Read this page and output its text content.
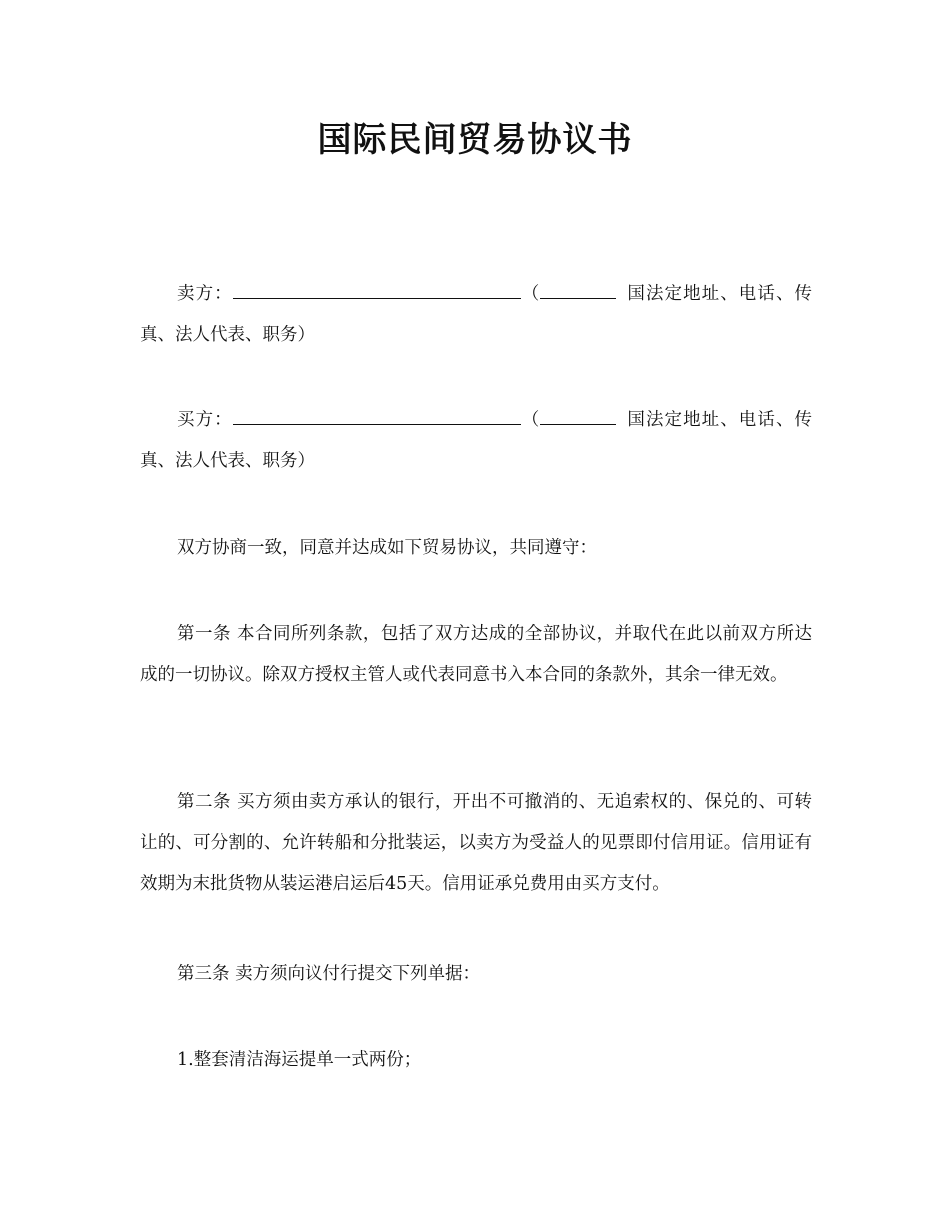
国际民间贸易协议书
卖方：	（	国法定地址、电话、传真、法人代表、职务）
买方：	（	国法定地址、电话、传真、法人代表、职务）
双方协商一致，同意并达成如下贸易协议，共同遵守：
第一条 本合同所列条款，包括了双方达成的全部协议，并取代在此以前双方所达成的一切协议。除双方授权主管人或代表同意书入本合同的条款外，其余一律无效。
第二条 买方须由卖方承认的银行，开出不可撤消的、无追索权的、保兑的、可转让的、可分割的、允许转船和分批装运，以卖方为受益人的见票即付信用证。信用证有效期为末批货物从装运港启运后45天。信用证承兑费用由买方支付。
第三条 卖方须向议付行提交下列单据：
1.整套清洁海运提单一式两份；
